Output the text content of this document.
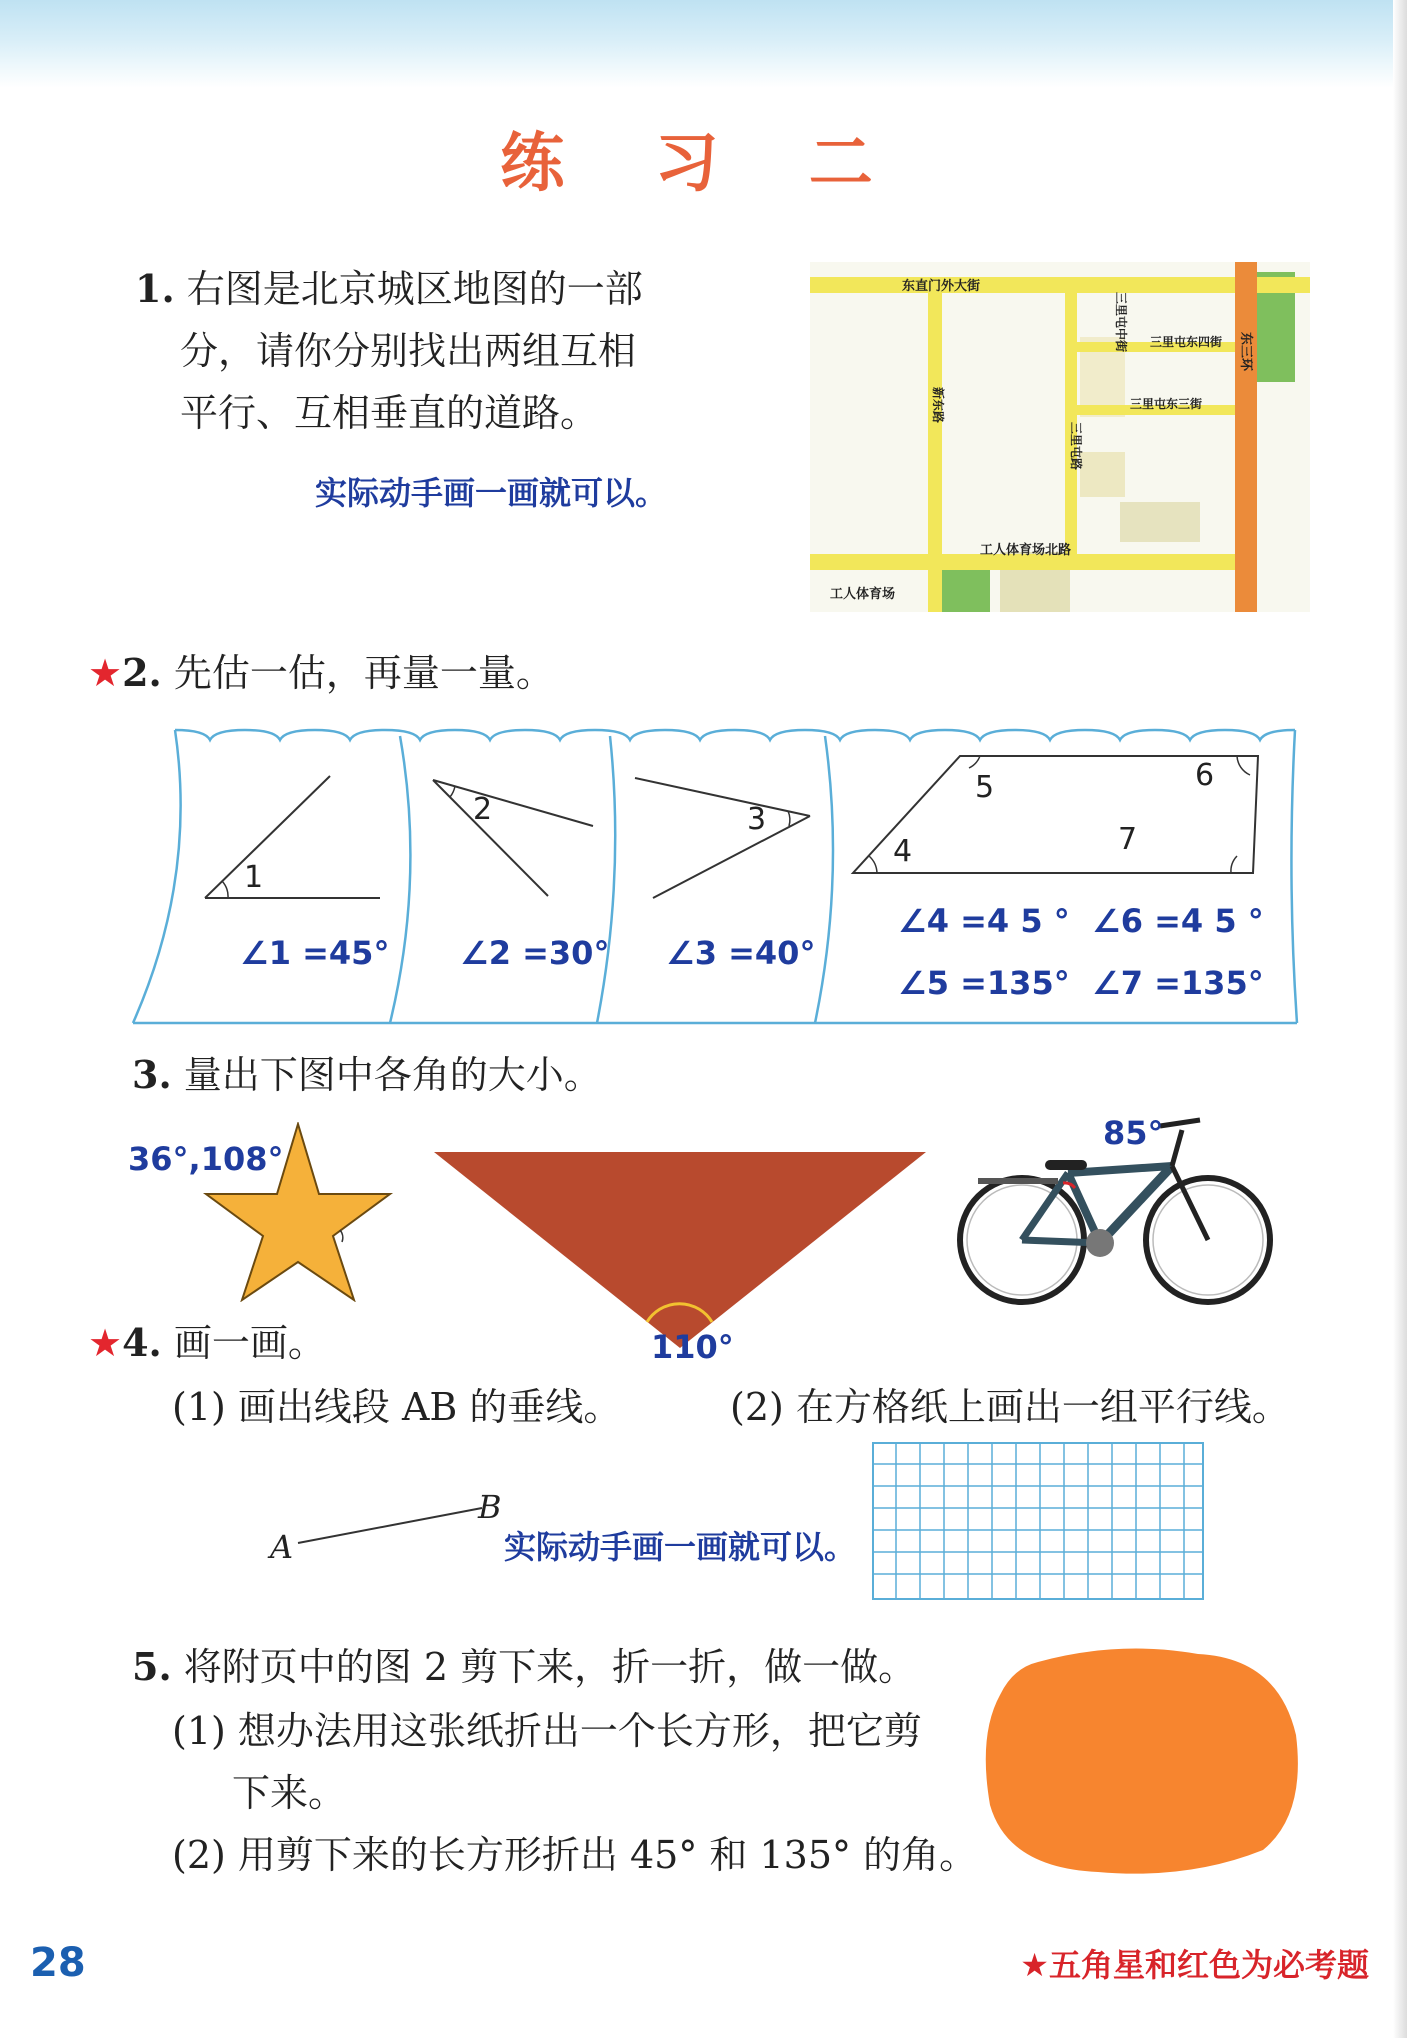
练 习 二
1. 右图是北京城区地图的一部
分，请你分别找出两组互相
平行、互相垂直的道路。
实际动手画一画就可以。
东直门外大街
工人体育场北路
工人体育场
三里屯东四街
三里屯东三街
新东路
三里屯路
三里屯中街	东三环
★2. 先估一估，再量一量。
1
2	3
4
5	6
7
∠1 =45° ∠2 =30° ∠3 =40°
∠4 =4 5 ° ∠6 =4 5 °
∠5 =135° ∠7 =135°
3. 量出下图中各角的大小。
36°,108°
110°
85°
★4. 画一画。
(1) 画出线段 AB 的垂线。	(2) 在方格纸上画出一组平行线。
A
B
实际动手画一画就可以。
5. 将附页中的图 2 剪下来，折一折，做一做。
(1) 想办法用这张纸折出一个长方形，把它剪
下来。
(2) 用剪下来的长方形折出 45° 和 135° 的角。
28	★五角星和红色为必考题
